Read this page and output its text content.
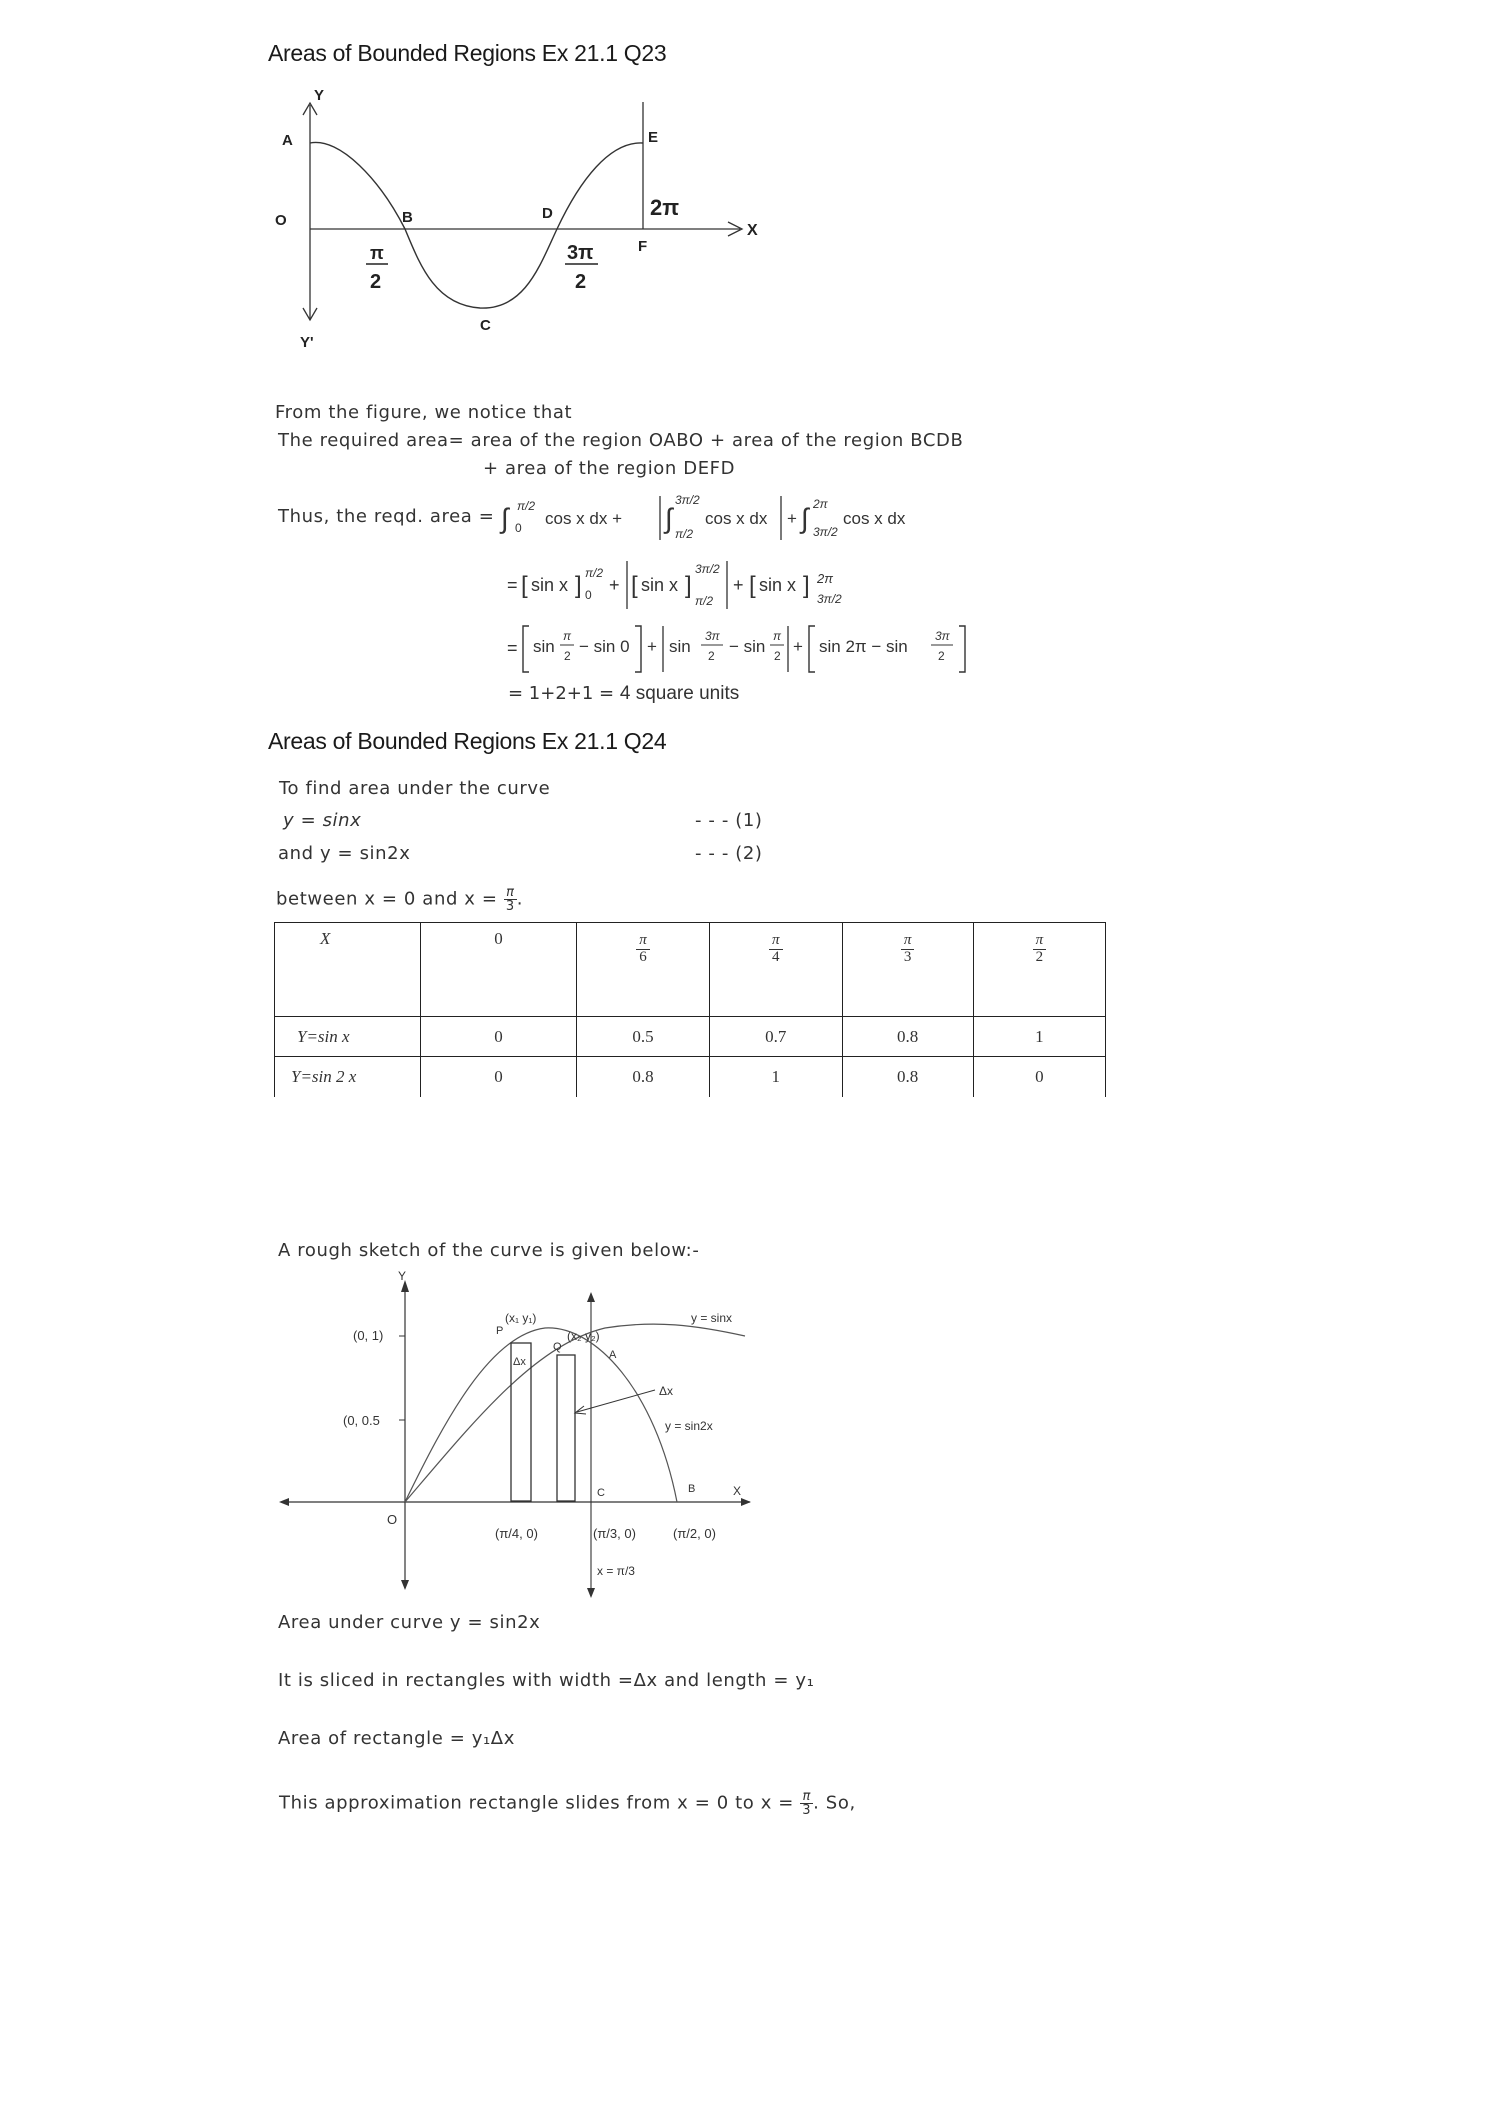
Areas of Bounded Regions Ex 21.1 Q23
Y
A
O	B	D
E
F
X
C
Y'
π
2
3π
2
2π
From the figure, we notice that
The required area= area of the region OABO + area of the region BCDB
+ area of the region DEFD
Thus, the reqd. area = ∫ π/2
0 cos x dx + ∫
3π/2
π/2
cos x dx + ∫ 2π
3π/2
cos x dx
= [ sin x ] π/2
0 + [ sin x ]
3π/2
π/2
+ [ sin x ] 2π
3π/2
= sin
π
2 − sin 0 + sin
3π
2 − sin
π
2 + sin 2π − sin
3π
2
= 1+2+1 = 4 square units
Areas of Bounded Regions Ex 21.1 Q24
To find area under the curve
y = sinx	- - - (1)
and y = sin2x	- - - (2)
between x = 0 and $x = \frac{\pi}{3}$ .
X	0	$\frac{\pi}{6}$	$\frac{\pi}{4}$	$\frac{\pi}{3}$	$\frac{\pi}{2}$

Y=sin x	0	0.5	0.7	0.8	1
Y=sin 2 x	0	0.8	1	0.8	0
A rough sketch of the curve is given below:-
Y
X
O
(0, 1)
(0, 0.5
P
Q
A
B
C
(x₁ y₁)
(x₂ y₂)
Δx
Δx
y = sinx
y = sin2x
(π/4, 0)	(π/3, 0)	(π/2, 0)
x = π/3
Area under curve y = sin2x
It is sliced in rectangles with width =Δx and length = y₁
Area of rectangle = y₁Δx
This approximation rectangle slides from x = 0 to $x = \frac{\pi}{3}$ . So,
